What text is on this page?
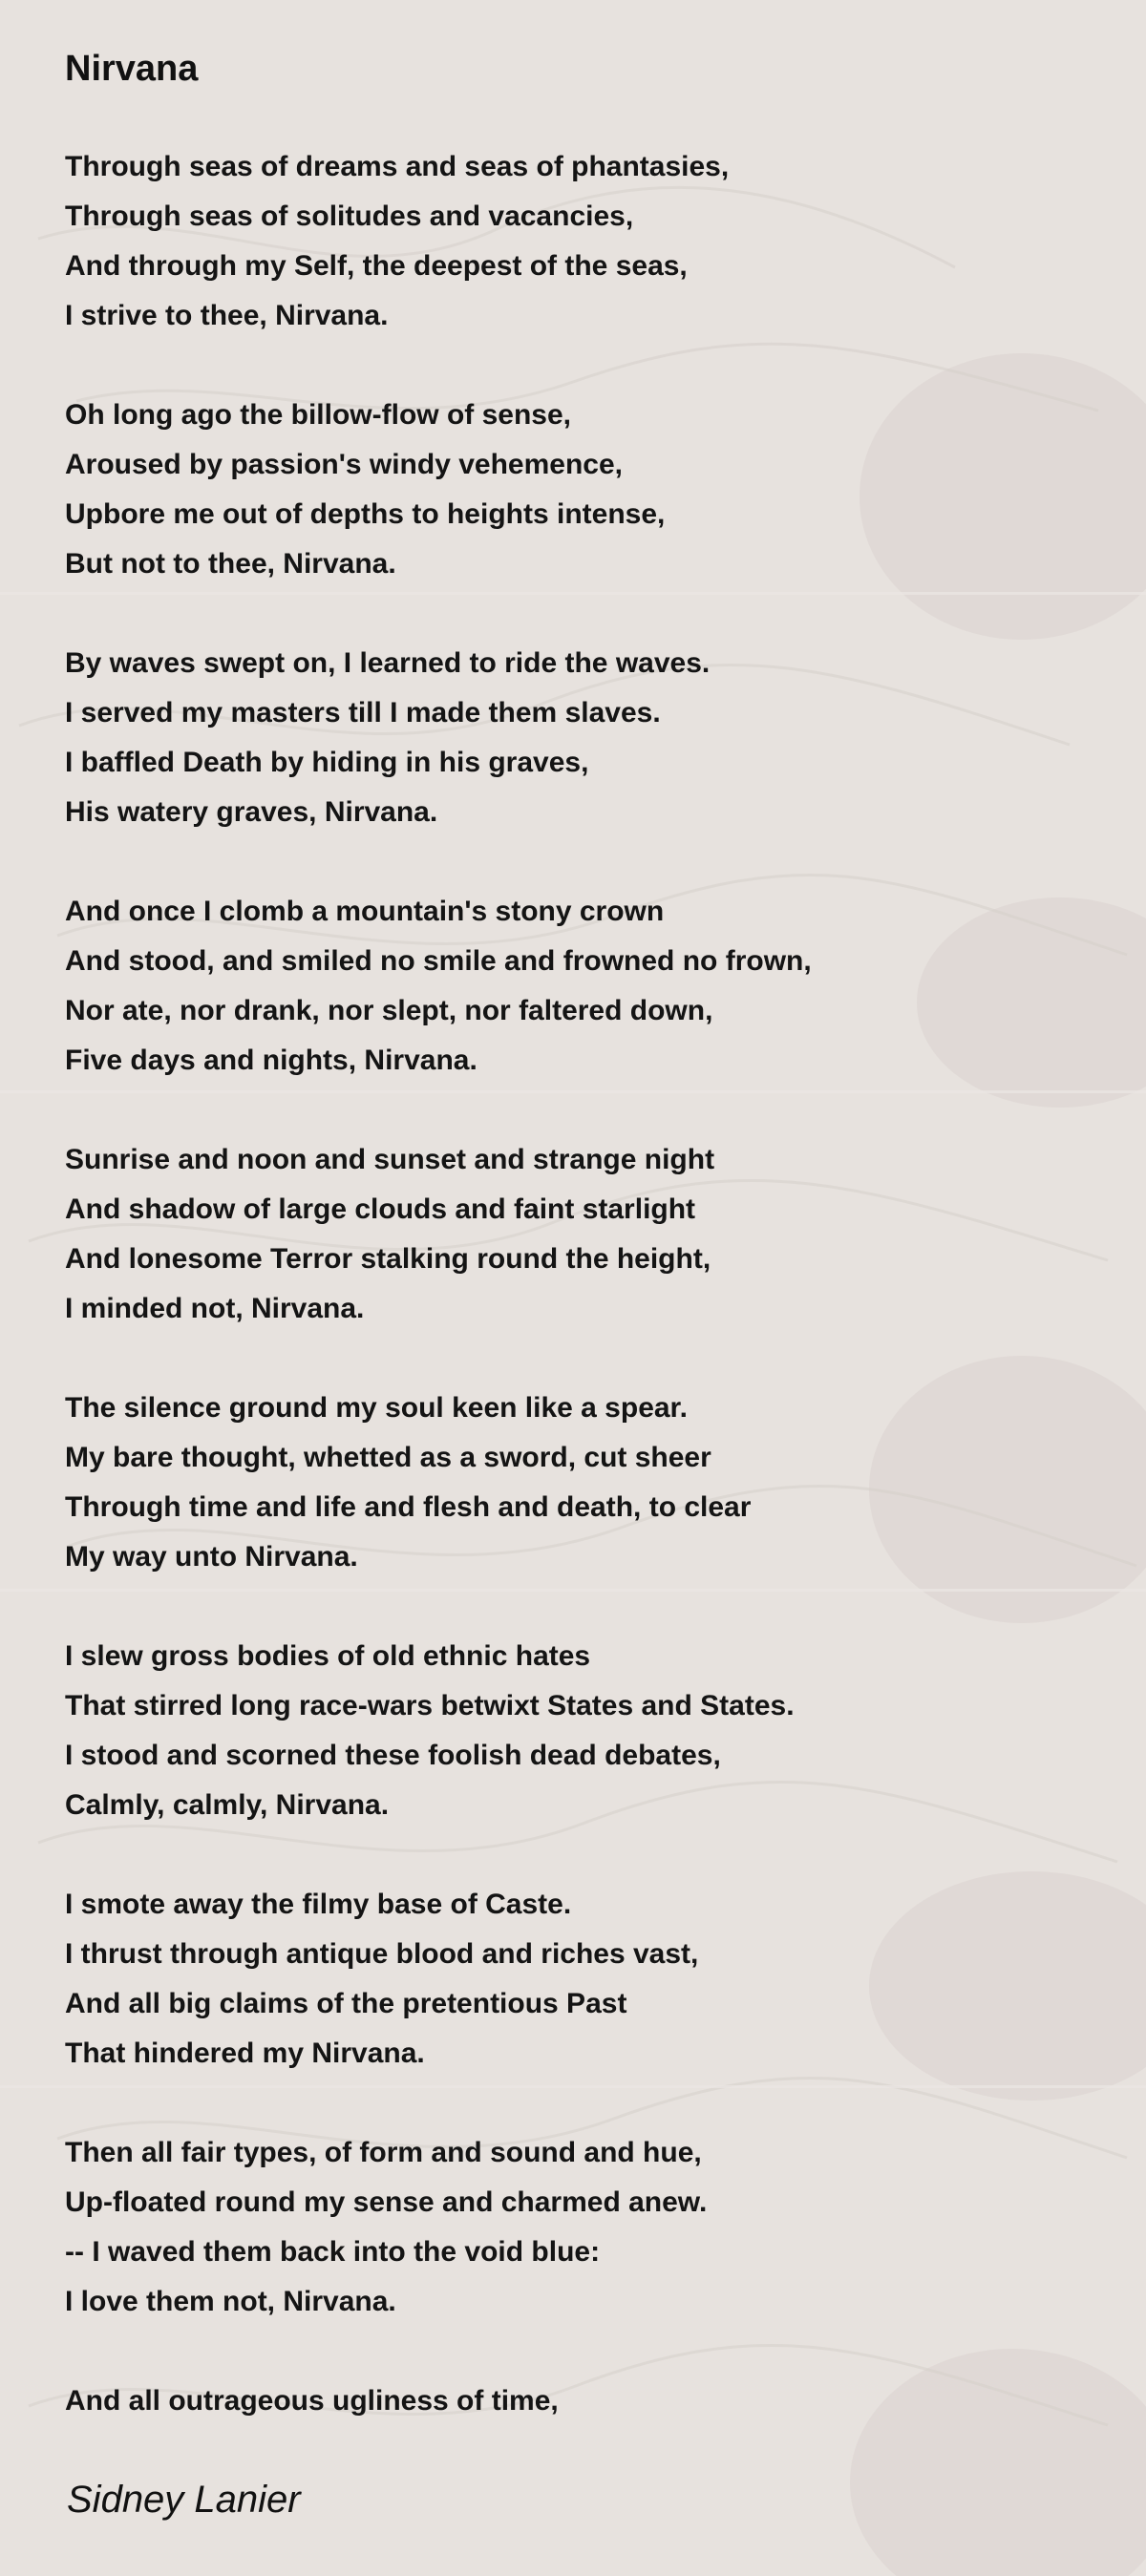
Nirvana
Through seas of dreams and seas of phantasies,
Through seas of solitudes and vacancies,
And through my Self, the deepest of the seas,
I strive to thee, Nirvana.
Oh long ago the billow-flow of sense,
Aroused by passion's windy vehemence,
Upbore me out of depths to heights intense,
But not to thee, Nirvana.
By waves swept on, I learned to ride the waves.
I served my masters till I made them slaves.
I baffled Death by hiding in his graves,
His watery graves, Nirvana.
And once I clomb a mountain's stony crown
And stood, and smiled no smile and frowned no frown,
Nor ate, nor drank, nor slept, nor faltered down,
Five days and nights, Nirvana.
Sunrise and noon and sunset and strange night
And shadow of large clouds and faint starlight
And lonesome Terror stalking round the height,
I minded not, Nirvana.
The silence ground my soul keen like a spear.
My bare thought, whetted as a sword, cut sheer
Through time and life and flesh and death, to clear
My way unto Nirvana.
I slew gross bodies of old ethnic hates
That stirred long race-wars betwixt States and States.
I stood and scorned these foolish dead debates,
Calmly, calmly, Nirvana.
I smote away the filmy base of Caste.
I thrust through antique blood and riches vast,
And all big claims of the pretentious Past
That hindered my Nirvana.
Then all fair types, of form and sound and hue,
Up-floated round my sense and charmed anew.
-- I waved them back into the void blue:
I love them not, Nirvana.
And all outrageous ugliness of time,

Sidney Lanier
